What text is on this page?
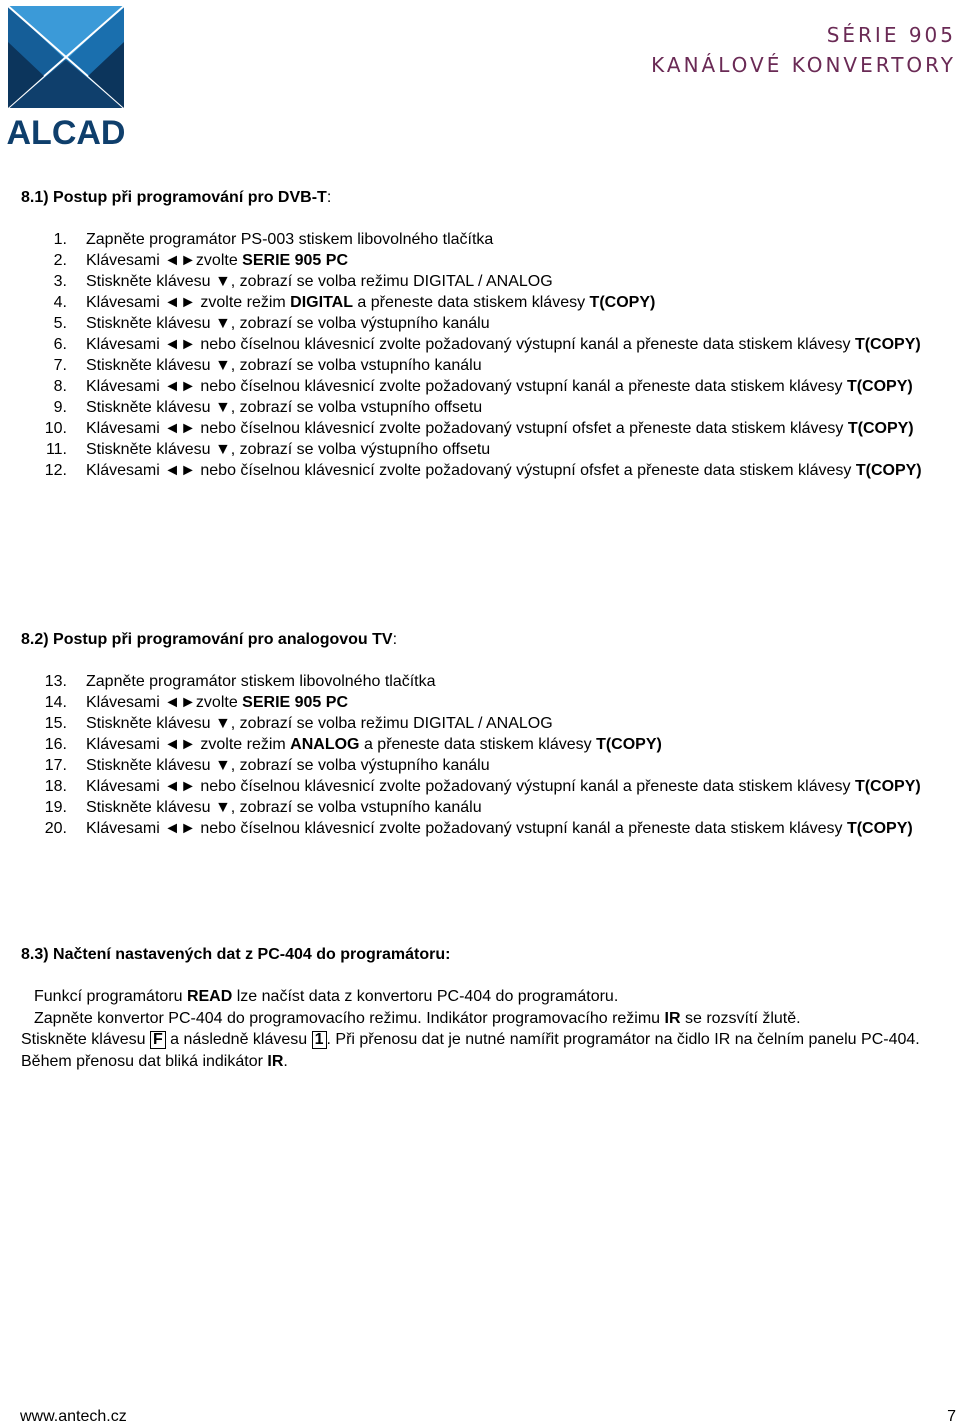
ALCAD
SÉRIE 905
KANÁLOVÉ KONVERTORY
8.1) Postup při programování pro DVB-T:
1. Zapněte programátor PS-003 stiskem libovolného tlačítka
2. Klávesami ◄►zvolte SERIE 905 PC
3. Stiskněte klávesu ▼, zobrazí se volba režimu DIGITAL / ANALOG
4. Klávesami ◄► zvolte režim DIGITAL a přeneste data stiskem klávesy T(COPY)
5. Stiskněte klávesu ▼, zobrazí se volba výstupního kanálu
6. Klávesami ◄► nebo číselnou klávesnicí zvolte požadovaný výstupní kanál a přeneste data stiskem klávesy T(COPY)
7. Stiskněte klávesu ▼, zobrazí se volba vstupního kanálu
8. Klávesami ◄► nebo číselnou klávesnicí zvolte požadovaný vstupní kanál a přeneste data stiskem klávesy T(COPY)
9. Stiskněte klávesu ▼, zobrazí se volba vstupního offsetu
10. Klávesami ◄► nebo číselnou klávesnicí zvolte požadovaný vstupní ofsfet a přeneste data stiskem klávesy T(COPY)
11. Stiskněte klávesu ▼, zobrazí se volba výstupního offsetu
12. Klávesami ◄► nebo číselnou klávesnicí zvolte požadovaný výstupní ofsfet a přeneste data stiskem klávesy T(COPY)
8.2) Postup při programování pro analogovou TV:
13. Zapněte programátor stiskem libovolného tlačítka
14. Klávesami ◄►zvolte SERIE 905 PC
15. Stiskněte klávesu ▼, zobrazí se volba režimu DIGITAL / ANALOG
16. Klávesami ◄► zvolte režim ANALOG a přeneste data stiskem klávesy T(COPY)
17. Stiskněte klávesu ▼, zobrazí se volba výstupního kanálu
18. Klávesami ◄► nebo číselnou klávesnicí zvolte požadovaný výstupní kanál a přeneste data stiskem klávesy T(COPY)
19. Stiskněte klávesu ▼, zobrazí se volba vstupního kanálu
20. Klávesami ◄► nebo číselnou klávesnicí zvolte požadovaný vstupní kanál a přeneste data stiskem klávesy T(COPY)
8.3) Načtení nastavených dat z PC-404 do programátoru:

Funkcí programátoru READ lze načíst data z konvertoru PC-404 do programátoru.

Zapněte konvertor PC-404 do programovacího režimu. Indikátor programovacího režimu IR se rozsvítí žlutě.

Stiskněte klávesu F a následně klávesu 1 . Při přenosu dat je nutné namířit programátor na čidlo IR na čelním panelu PC-404. Během přenosu dat bliká indikátor IR.

www.antech.cz	7
